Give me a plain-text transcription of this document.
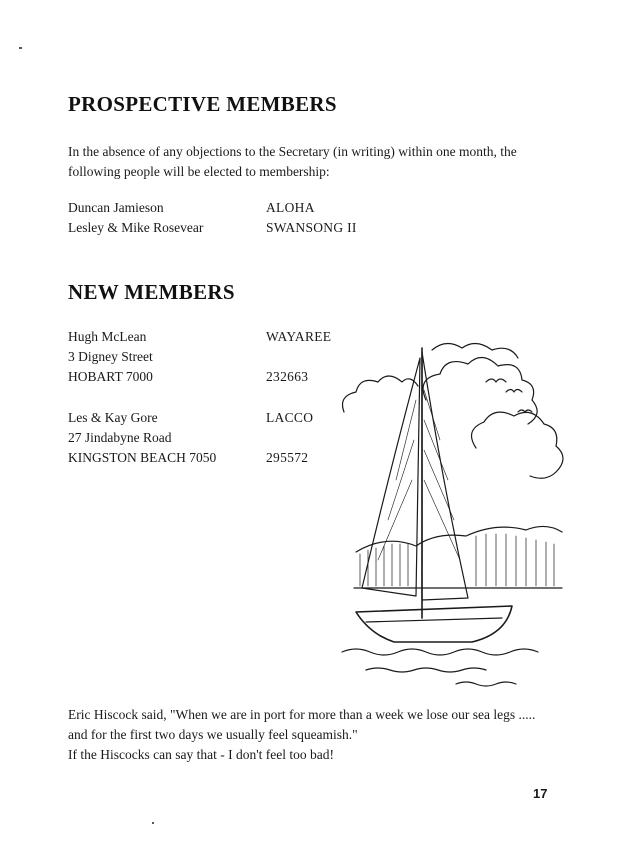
PROSPECTIVE MEMBERS

In the absence of any objections to the Secretary (in writing) within one month, the following people will be elected to membership:

Duncan Jamieson
Lesley & Mike Rosevear
ALOHA
SWANSONG II
NEW MEMBERS
Hugh McLean
3 Digney Street
HOBART 7000
WAYAREE

232663
Les & Kay Gore
27 Jindabyne Road
KINGSTON BEACH 7050
LACCO

295572
Eric Hiscock said, "When we are in port for more than a week we lose our sea legs ..... and for the first two days we usually feel squeamish."
If the Hiscocks can say that - I don't feel too bad!
17
